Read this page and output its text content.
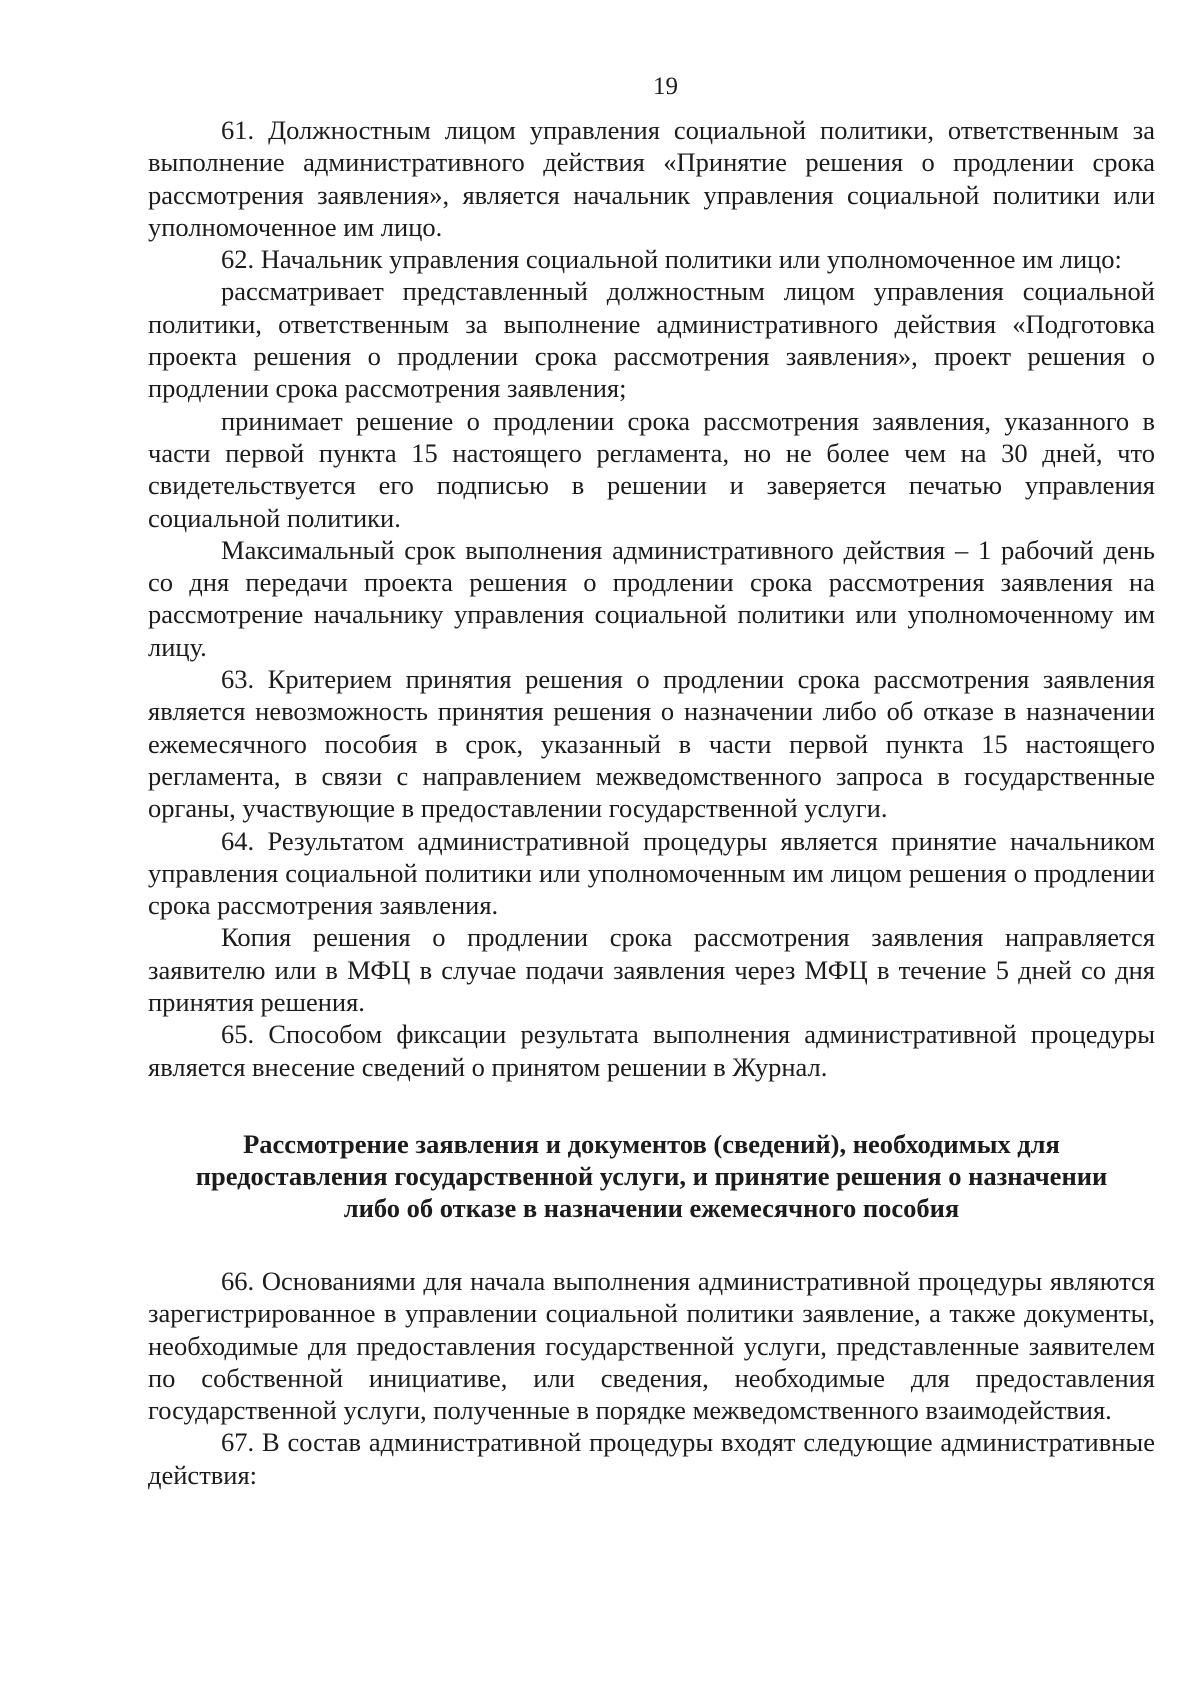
19

61. Должностным лицом управления социальной политики, ответственным за выполнение административного действия «Принятие решения о продлении срока рассмотрения заявления», является начальник управления социальной политики или уполномоченное им лицо.

62. Начальник управления социальной политики или уполномоченное им лицо:

рассматривает представленный должностным лицом управления социальной политики, ответственным за выполнение административного действия «Подготовка проекта решения о продлении срока рассмотрения заявления», проект решения о продлении срока рассмотрения заявления;

принимает решение о продлении срока рассмотрения заявления, указанного в части первой пункта 15 настоящего регламента, но не более чем на 30 дней, что свидетельствуется его подписью в решении и заверяется печатью управления социальной политики.

Максимальный срок выполнения административного действия – 1 рабочий день со дня передачи проекта решения о продлении срока рассмотрения заявления на рассмотрение начальнику управления социальной политики или уполномоченному им лицу.

63. Критерием принятия решения о продлении срока рассмотрения заявления является невозможность принятия решения о назначении либо об отказе в назначении ежемесячного пособия в срок, указанный в части первой пункта 15 настоящего регламента, в связи с направлением межведомственного запроса в государственные органы, участвующие в предоставлении государственной услуги.

64. Результатом административной процедуры является принятие начальником управления социальной политики или уполномоченным им лицом решения о продлении срока рассмотрения заявления.

Копия решения о продлении срока рассмотрения заявления направляется заявителю или в МФЦ в случае подачи заявления через МФЦ в течение 5 дней со дня принятия решения.

65. Способом фиксации результата выполнения административной процедуры является внесение сведений о принятом решении в Журнал.

Рассмотрение заявления и документов (сведений), необходимых для предоставления государственной услуги, и принятие решения о назначении либо об отказе в назначении ежемесячного пособия

66. Основаниями для начала выполнения административной процедуры являются зарегистрированное в управлении социальной политики заявление, а также документы, необходимые для предоставления государственной услуги, представленные заявителем по собственной инициативе, или сведения, необходимые для предоставления государственной услуги, полученные в порядке межведомственного взаимодействия.

67. В состав административной процедуры входят следующие административные действия:
